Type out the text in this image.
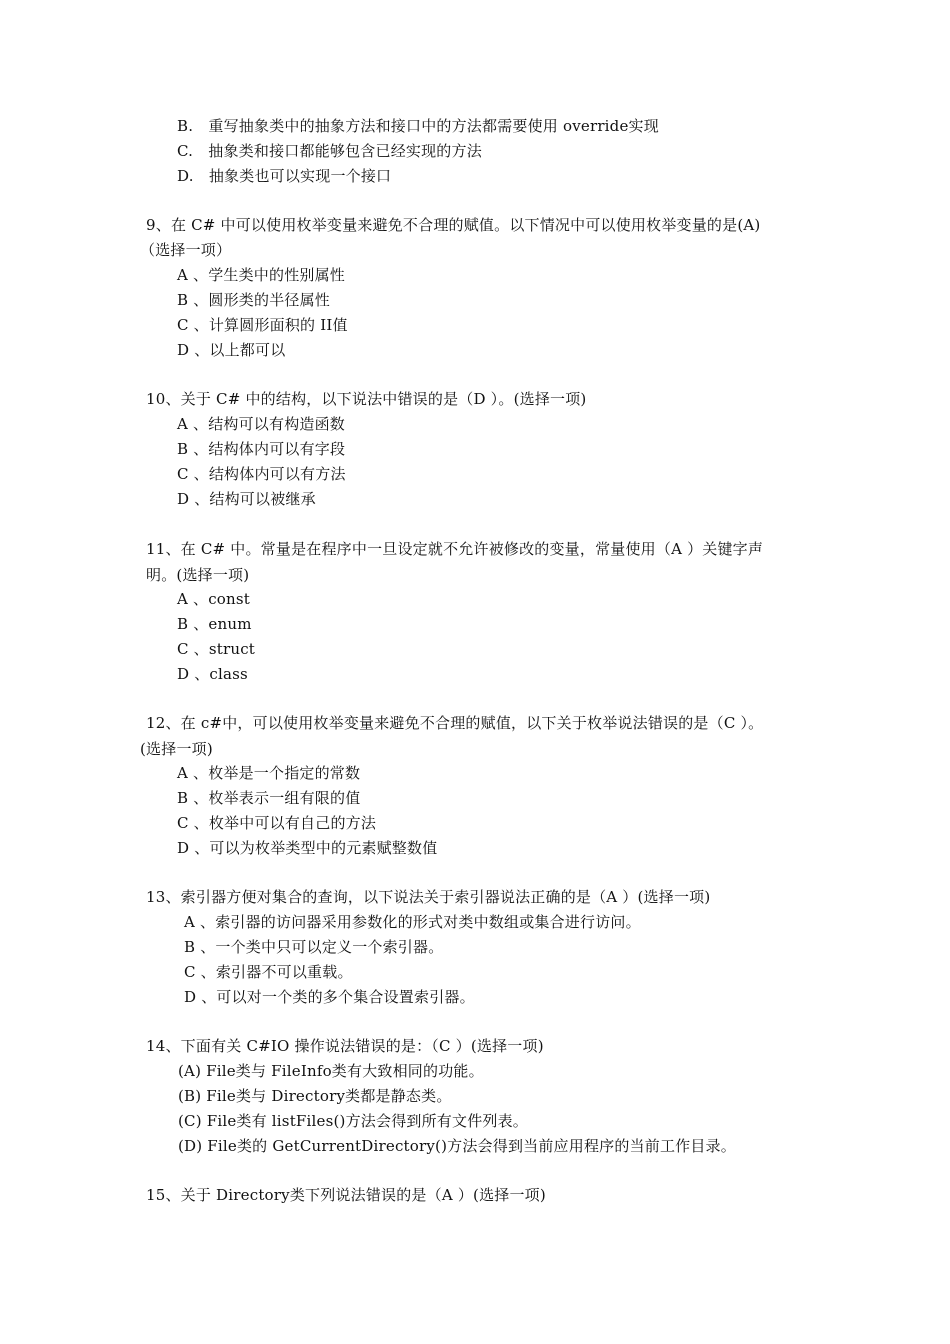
B.　重写抽象类中的抽象方法和接口中的方法都需要使用 override实现
C.　抽象类和接口都能够包含已经实现的方法
D.　抽象类也可以实现一个接口
9、在 C# 中可以使用枚举变量来避免不合理的赋值。以下情况中可以使用枚举变量的是(A)
（选择一项）
A 、学生类中的性别属性
B 、圆形类的半径属性
C 、计算圆形面积的 II值
D 、以上都可以
10、关于 C# 中的结构，以下说法中错误的是（D ）。(选择一项)
A 、结构可以有构造函数
B 、结构体内可以有字段
C 、结构体内可以有方法
D 、结构可以被继承
11、在 C# 中。常量是在程序中一旦设定就不允许被修改的变量，常量使用（A ）关键字声
明。(选择一项)
A 、const
B 、enum
C 、struct
D 、class
12、在 c#中，可以使用枚举变量来避免不合理的赋值，以下关于枚举说法错误的是（C ）。
(选择一项)
A 、枚举是一个指定的常数
B 、枚举表示一组有限的值
C 、枚举中可以有自己的方法
D 、可以为枚举类型中的元素赋整数值
13、索引器方便对集合的查询，以下说法关于索引器说法正确的是（A ）(选择一项)
A 、索引器的访问器采用参数化的形式对类中数组或集合进行访问。
B 、一个类中只可以定义一个索引器。
C 、索引器不可以重载。
D 、可以对一个类的多个集合设置索引器。
14、下面有关 C#IO 操作说法错误的是：（C ）(选择一项)
(A) File类与 FileInfo类有大致相同的功能。
(B) File类与 Directory类都是静态类。
(C) File类有 listFiles()方法会得到所有文件列表。
(D) File类的 GetCurrentDirectory()方法会得到当前应用程序的当前工作目录。
15、关于 Directory类下列说法错误的是（A ）(选择一项)
